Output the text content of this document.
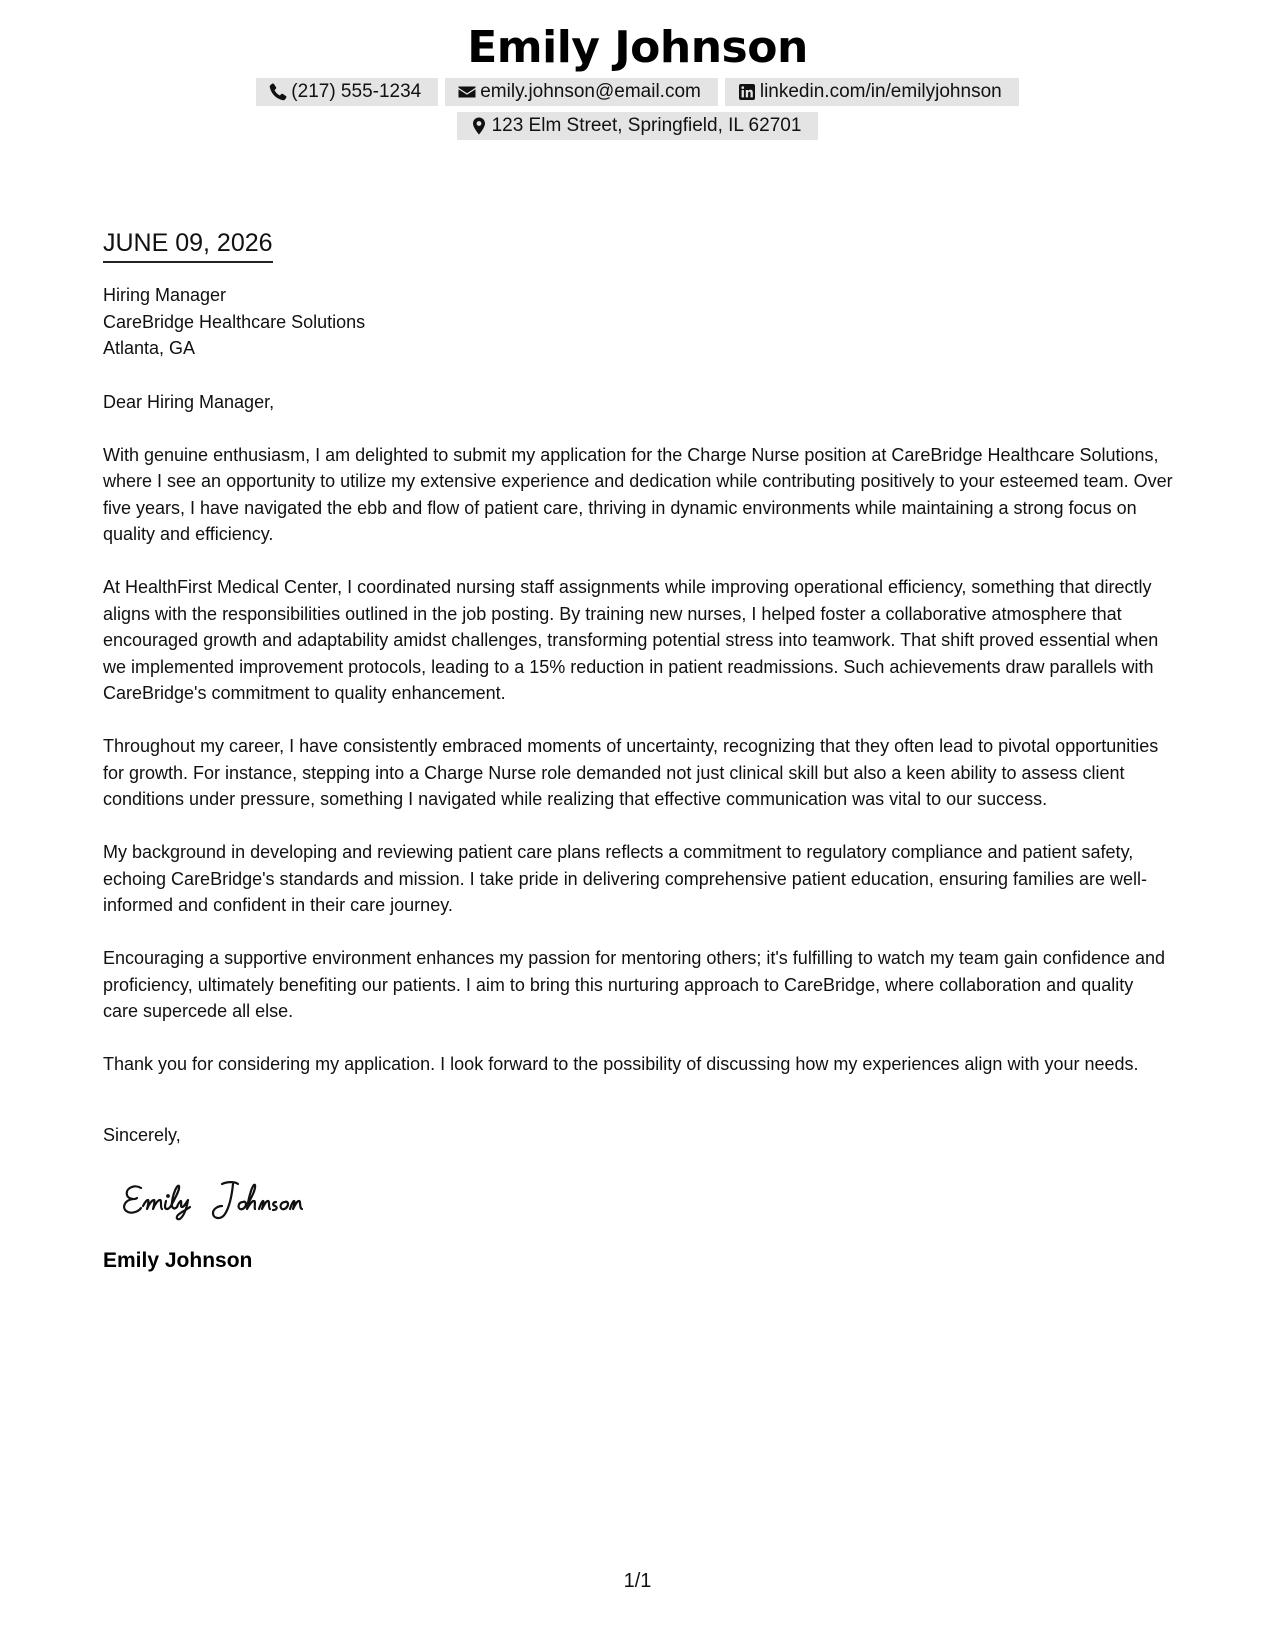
Emily Johnson
(217) 555-1234	emily.johnson@email.com	linkedin.com/in/emilyjohnson
123 Elm Street, Springfield, IL 62701
JUNE 09, 2026
Hiring Manager
CareBridge Healthcare Solutions
Atlanta, GA
Dear Hiring Manager,

With genuine enthusiasm, I am delighted to submit my application for the Charge Nurse position at CareBridge Healthcare Solutions, where I see an opportunity to utilize my extensive experience and dedication while contributing positively to your esteemed team. Over five years, I have navigated the ebb and flow of patient care, thriving in dynamic environments while maintaining a strong focus on quality and efficiency.

At HealthFirst Medical Center, I coordinated nursing staff assignments while improving operational efficiency, something that directly aligns with the responsibilities outlined in the job posting. By training new nurses, I helped foster a collaborative atmosphere that encouraged growth and adaptability amidst challenges, transforming potential stress into teamwork. That shift proved essential when we implemented improvement protocols, leading to a 15% reduction in patient readmissions. Such achievements draw parallels with CareBridge's commitment to quality enhancement.

Throughout my career, I have consistently embraced moments of uncertainty, recognizing that they often lead to pivotal opportunities for growth. For instance, stepping into a Charge Nurse role demanded not just clinical skill but also a keen ability to assess client conditions under pressure, something I navigated while realizing that effective communication was vital to our success.

My background in developing and reviewing patient care plans reflects a commitment to regulatory compliance and patient safety, echoing CareBridge's standards and mission. I take pride in delivering comprehensive patient education, ensuring families are well-informed and confident in their care journey.

Encouraging a supportive environment enhances my passion for mentoring others; it's fulfilling to watch my team gain confidence and proficiency, ultimately benefiting our patients. I aim to bring this nurturing approach to CareBridge, where collaboration and quality care supercede all else.

Thank you for considering my application. I look forward to the possibility of discussing how my experiences align with your needs.

Sincerely,
Emily Johnson
1/1
